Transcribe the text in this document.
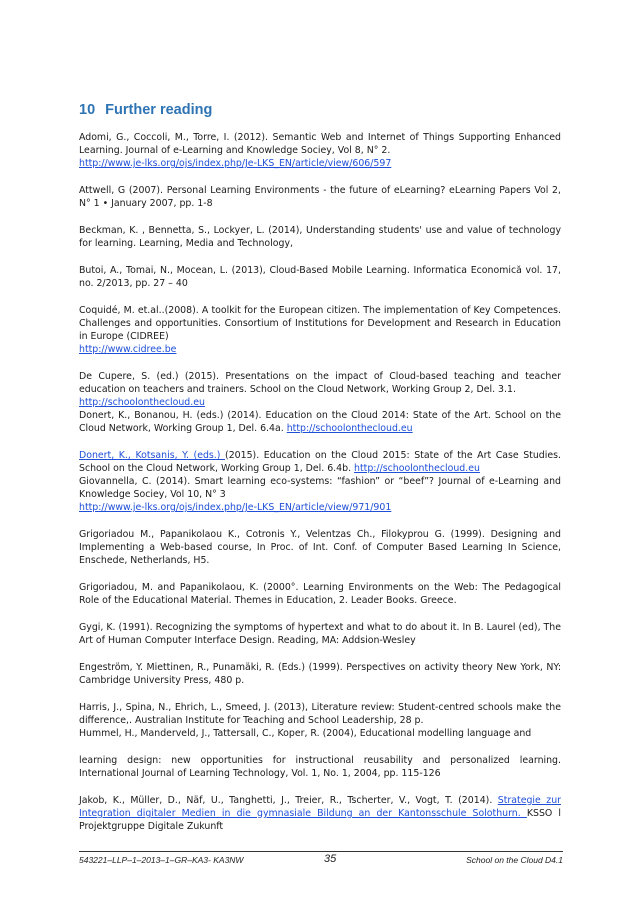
10 Further reading

Adomi, G., Coccoli, M., Torre, I. (2012). Semantic Web and Internet of Things Supporting Enhanced Learning. Journal of e-Learning and Knowledge Sociey, Vol 8, N° 2.
http://www.je-lks.org/ojs/index.php/Je-LKS_EN/article/view/606/597

Attwell, G (2007). Personal Learning Environments - the future of eLearning? eLearning Papers Vol 2, N° 1 • January 2007, pp. 1-8

Beckman, K. , Bennetta, S., Lockyer, L. (2014), Understanding students' use and value of technology for learning. Learning, Media and Technology,

Butoi, A., Tomai, N., Mocean, L. (2013), Cloud-Based Mobile Learning. Informatica Economică vol. 17, no. 2/2013, pp. 27 – 40

Coquidé, M. et.al..(2008). A toolkit for the European citizen. The implementation of Key Competences. Challenges and opportunities. Consortium of Institutions for Development and Research in Education in Europe (CIDREE)
http://www.cidree.be

De Cupere, S. (ed.) (2015). Presentations on the impact of Cloud-based teaching and teacher education on teachers and trainers. School on the Cloud Network, Working Group 2, Del. 3.1.
http://schoolonthecloud.eu
Donert, K., Bonanou, H. (eds.) (2014). Education on the Cloud 2014: State of the Art. School on the Cloud Network, Working Group 1, Del. 6.4a. http://schoolonthecloud.eu

Donert, K., Kotsanis, Y. (eds.) (2015). Education on the Cloud 2015: State of the Art Case Studies. School on the Cloud Network, Working Group 1, Del. 6.4b. http://schoolonthecloud.eu
Giovannella, C. (2014). Smart learning eco-systems: “fashion” or “beef”? Journal of e-Learning and Knowledge Sociey, Vol 10, N° 3
http://www.je-lks.org/ojs/index.php/Je-LKS_EN/article/view/971/901

Grigoriadou M., Papanikolaou K., Cotronis Y., Velentzas Ch., Filokyprou G. (1999). Designing and Implementing a Web-based course, In Proc. of Int. Conf. of Computer Based Learning In Science, Enschede, Netherlands, H5.

Grigoriadou, M. and Papanikolaou, K. (2000°. Learning Environments on the Web: The Pedagogical Role of the Educational Material. Themes in Education, 2. Leader Books. Greece.

Gygi, K. (1991). Recognizing the symptoms of hypertext and what to do about it. In B. Laurel (ed), The Art of Human Computer Interface Design. Reading, MA: Addsion-Wesley

Engeström, Y. Miettinen, R., Punamäki, R. (Eds.) (1999). Perspectives on activity theory New York, NY: Cambridge University Press, 480 p.

Harris, J., Spina, N., Ehrich, L., Smeed, J. (2013), Literature review: Student-centred schools make the difference,. Australian Institute for Teaching and School Leadership, 28 p.
Hummel, H., Manderveld, J., Tattersall, C., Koper, R. (2004), Educational modelling language and

learning design: new opportunities for instructional reusability and personalized learning. International Journal of Learning Technology, Vol. 1, No. 1, 2004, pp. 115-126

Jakob, K., Müller, D., Näf, U., Tanghetti, J., Treier, R., Tscherter, V., Vogt, T. (2014). Strategie zur Integration digitaler Medien in die gymnasiale Bildung an der Kantonsschule Solothurn. KSSO l Projektgruppe Digitale Zukunft

543221–LLP–1–2013–1–GR–KA3- KA3NW	35	School on the Cloud D4.1
